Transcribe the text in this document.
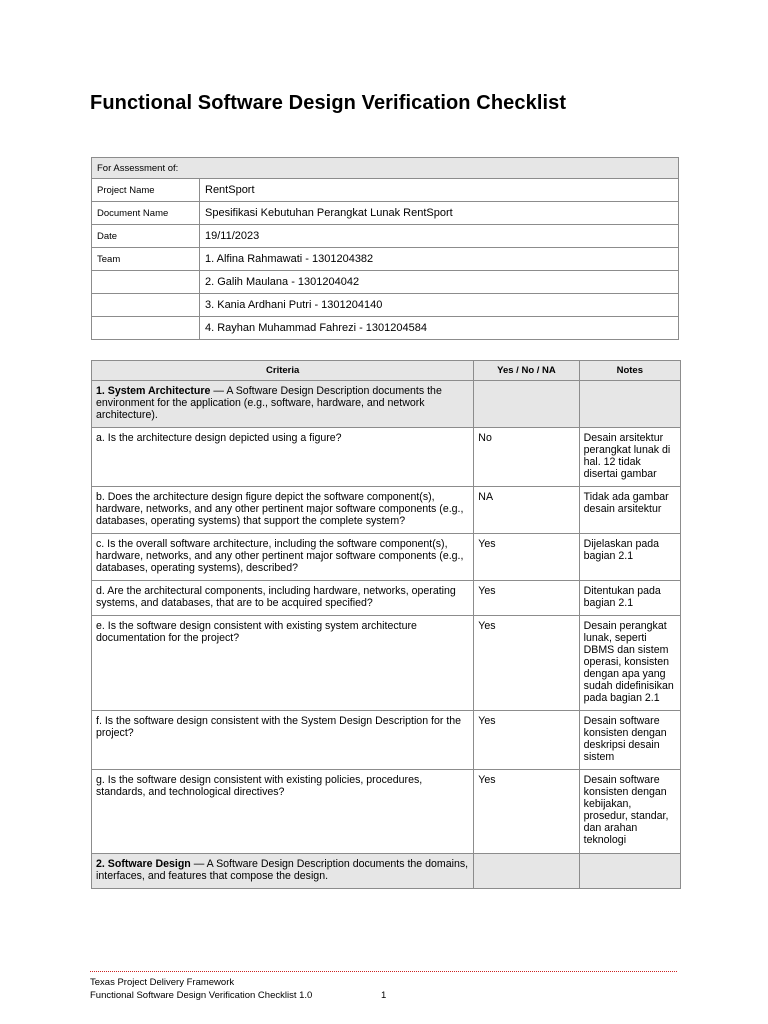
Functional Software Design Verification Checklist
For Assessment of:	
Project Name	RentSport
Document Name	Spesifikasi Kebutuhan Perangkat Lunak RentSport
Date	19/11/2023
Team	1. Alfina Rahmawati - 1301204382
	2. Galih Maulana - 1301204042
	3. Kania Ardhani Putri - 1301204140
	4. Rayhan Muhammad Fahrezi - 1301204584
Criteria	Yes / No / NA	Notes
1. System Architecture — A Software Design Description documents the environment for the application (e.g., software, hardware, and network architecture).		
a. Is the architecture design depicted using a figure?	No	Desain arsitektur perangkat lunak di hal. 12 tidak disertai gambar
b. Does the architecture design figure depict the software component(s), hardware, networks, and any other pertinent major software components (e.g., databases, operating systems) that support the complete system?	NA	Tidak ada gambar desain arsitektur
c. Is the overall software architecture, including the software component(s), hardware, networks, and any other pertinent major software components (e.g., databases, operating systems), described?	Yes	Dijelaskan pada bagian 2.1
d. Are the architectural components, including hardware, networks, operating systems, and databases, that are to be acquired specified?	Yes	Ditentukan pada bagian 2.1
e. Is the software design consistent with existing system architecture documentation for the project?	Yes	Desain perangkat lunak, seperti DBMS dan sistem operasi, konsisten dengan apa yang sudah didefinisikan pada bagian 2.1
f. Is the software design consistent with the System Design Description for the project?	Yes	Desain software konsisten dengan deskripsi desain sistem
g. Is the software design consistent with existing policies, procedures, standards, and technological directives?	Yes	Desain software konsisten dengan kebijakan, prosedur, standar, dan arahan teknologi
2. Software Design — A Software Design Description documents the domains, interfaces, and features that compose the design.		
Texas Project Delivery Framework
Functional Software Design Verification Checklist 1.0	1
